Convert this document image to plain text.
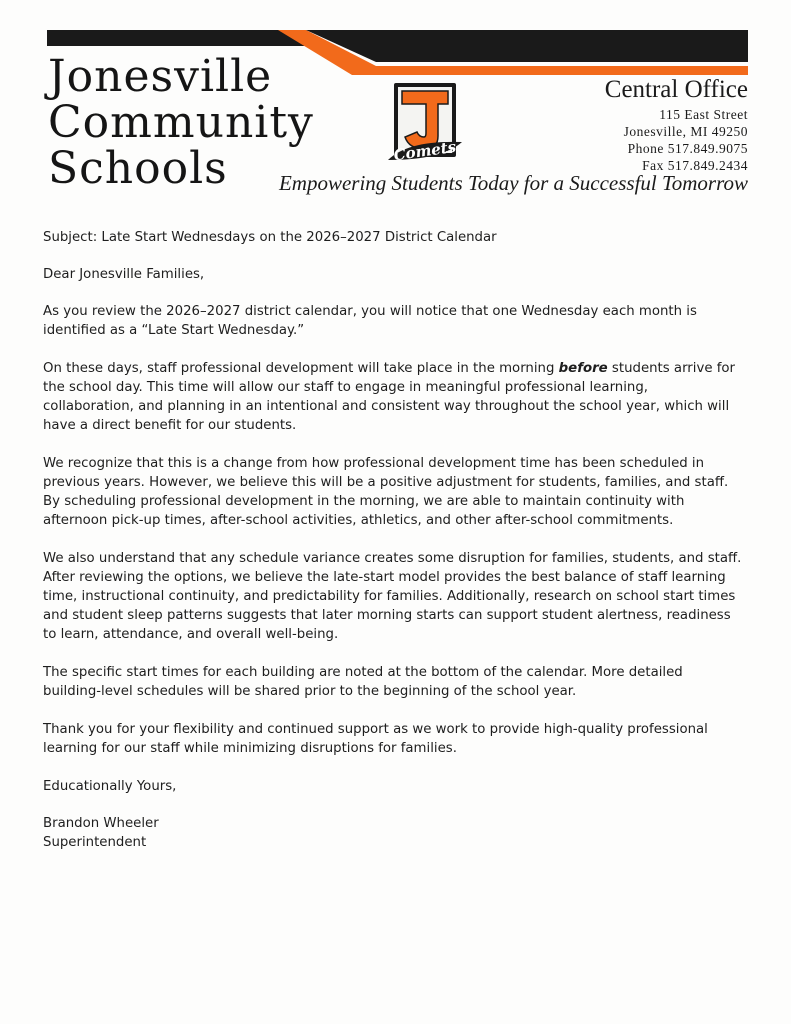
Jonesville
Community
Schools	Comets
Central Office
115 East Street
Jonesville, MI 49250
Phone 517.849.9075
Fax 517.849.2434
Empowering Students Today for a Successful Tomorrow

Subject: Late Start Wednesdays on the 2026–2027 District Calendar

Dear Jonesville Families,

As you review the 2026–2027 district calendar, you will notice that one Wednesday each month is identified as a “Late Start Wednesday.”

On these days, staff professional development will take place in the morning before students arrive for the school day. This time will allow our staff to engage in meaningful professional learning, collaboration, and planning in an intentional and consistent way throughout the school year, which will have a direct benefit for our students.

We recognize that this is a change from how professional development time has been scheduled in previous years. However, we believe this will be a positive adjustment for students, families, and staff. By scheduling professional development in the morning, we are able to maintain continuity with afternoon pick-up times, after-school activities, athletics, and other after-school commitments.

We also understand that any schedule variance creates some disruption for families, students, and staff. After reviewing the options, we believe the late-start model provides the best balance of staff learning time, instructional continuity, and predictability for families. Additionally, research on school start times and student sleep patterns suggests that later morning starts can support student alertness, readiness to learn, attendance, and overall well-being.

The specific start times for each building are noted at the bottom of the calendar. More detailed building-level schedules will be shared prior to the beginning of the school year.

Thank you for your flexibility and continued support as we work to provide high-quality professional learning for our staff while minimizing disruptions for families.

Educationally Yours,

Brandon Wheeler
Superintendent
